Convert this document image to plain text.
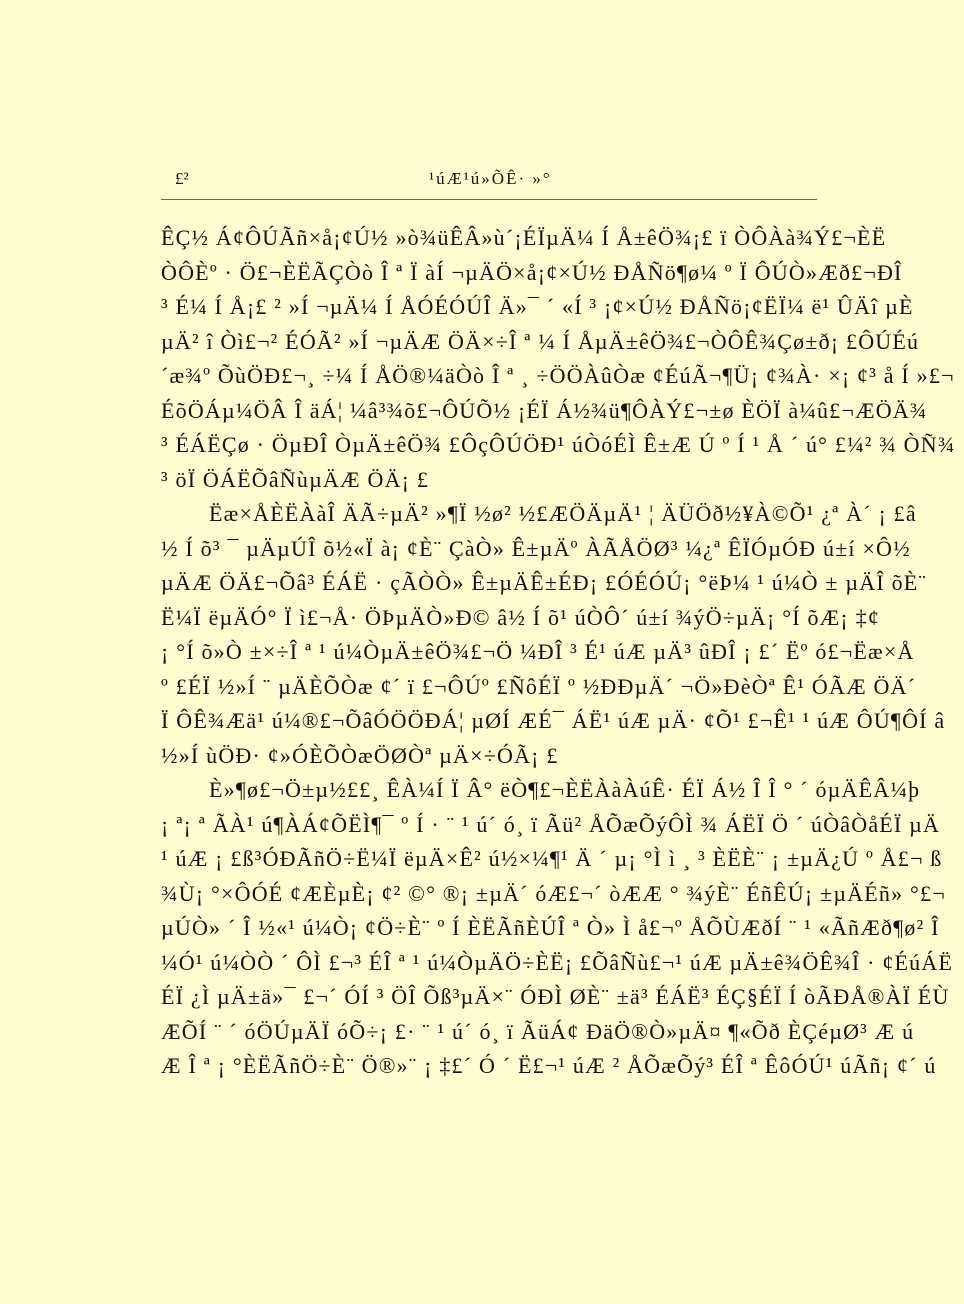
£²	¹úÆ¹ú»ÕÊ· »°
ÊÇ½ Á¢ÔÚÃñ×å¡¢Ú½ »ò¾üÊÂ»ù´¡ÉÏµÄ¼ Í Å±êÖ¾¡£ ï ÒÔÀà¾Ý£¬ÈË
ÒÔÈº · Ö£¬ÈËÃÇÒò Î ª Ï àÍ ¬µÄÖ×å¡¢×Ú½ ÐÅÑö¶ø¼ º Ï ÔÚÒ»Æð£¬ÐÎ
³ É¼ Í Å¡£ ² »Í ¬µÄ¼ Í ÅÓÉÓÚÎ Ä»¯ ´ «Í ³ ¡¢×Ú½ ÐÅÑö¡¢ËÏ¼ ë¹ ÛÄî µÈ
µÄ² î Òì£¬² ÉÓÃ² »Í ¬µÄÆ ÖÄ×÷Î ª ¼ Í ÅµÄ±êÖ¾£¬ÒÔÊ¾Çø±ð¡ £ÔÚÉú
´æ¾º ÕùÖÐ£¬¸ ÷¼ Í ÅÖ®¼äÒò Î ª ¸ ÷ÖÖÀûÒæ ¢ÉúÃ¬¶Ü¡ ¢¾À· ×¡ ¢³ å Í »£¬
ÉõÖÁµ¼ÖÂ Î äÁ¦ ¼â³¾õ£¬ÔÚÕ½ ¡ÉÏ Á½¾ü¶ÔÀÝ£¬±ø ÈÖÏ à¼û£¬ÆÖÄ¾
³ ÉÁËÇø · ÖµÐÎ ÒµÄ±êÖ¾ £ÔçÔÚÖÐ¹ úÒóÉÌ Ê±Æ Ú º Í ¹ Å ´ ú° £¼² ¾ ÒÑ¾
³ öÏ ÖÁËÕâÑùµÄÆ ÖÄ¡ £
Ëæ×ÅÈËÀàÎ ÄÃ÷µÄ² »¶Ï ½ø² ½£ÆÖÄµÄ¹ ¦ ÄÜÖð½¥À©Õ¹ ¿ª À´ ¡ £â
½ Í õ³ ¯ µÄµÚÎ õ½«Ï à¡ ¢È¨ ÇàÒ» Ê±µÄº ÀÃÅÖØ³ ¼¿ª ÊÏÓµÓÐ ú±í ×Ô½
µÄÆ ÖÄ£¬Õâ³ ÉÁË · çÃÒÒ» Ê±µÄÊ±ÉÐ¡ £ÓÉÓÚ¡ °ëÞ¼ ¹ ú¼Ò ± µÄÎ õÈ¨
Ë¼Ï ëµÄÓ° Ï ì£¬Å· ÖÞµÄÒ»Ð© â½ Í õ¹ úÒÔ´ ú±í ¾ýÖ÷µÄ¡ °Í õÆ¡ ‡¢
¡ °Í õ»Ò ±×÷Î ª ¹ ú¼ÒµÄ±êÖ¾£¬Ö ¼ÐÎ ³ É¹ úÆ µÄ³ ûÐÎ ¡ £´ Ëº ó£¬Ëæ×Å
º £ÉÏ ½»Í ¨ µÄÈÕÒæ ¢´ ï £¬ÔÚº £ÑôÉÏ º ½ÐÐµÄ´ ¬Ö»ÐèÒª Ê¹ ÓÃÆ ÖÄ´
Ï ÔÊ¾Æä¹ ú¼®£¬ÕâÓÖÖÐÁ¦ µØÍ ÆÉ¯ ÁË¹ úÆ µÄ· ¢Õ¹ £¬Ê¹ ¹ úÆ ÔÚ¶ÔÍ â
½»Í ùÖÐ· ¢»ÓÈÕÒæÖØÒª µÄ×÷ÓÃ¡ £
È»¶ø£¬Ö±µ½££¸ ÊÀ¼Í Ï Â° ëÒ¶£¬ÈËÀàÀúÊ· ÉÏ Á½ Î Î ° ´ óµÄÊÂ¼þ
¡ ª¡ ª ÃÀ¹ ú¶ÀÁ¢ÕËÌ¶¯ º Í · ¨ ¹ ú´ ó¸ ï Ãü² ÅÕæÕýÔÌ ¾ ÁËÏ Ö ´ úÒâÒåÉÏ µÄ
¹ úÆ ¡ £ß³ÓÐÃñÖ÷Ë¼Ï ëµÄ×Ê² ú½×¼¶¹ Ä ´ µ¡ °Ì ì ¸ ³ ÈËÈ¨ ¡ ±µÄ¿Ú º Å£¬ ß
¾Ù¡ °×ÔÓÉ ¢ÆÈµÈ¡ ¢² ©° ®¡ ±µÄ´ óÆ£¬´ òÆÆ ° ¾ýÈ¨ ÉñÊÚ¡ ±µÄÉñ» °£¬
µÚÒ» ´ Î ½«¹ ú¼Ò¡ ¢Ö÷È¨ º Í ÈËÃñÈÚÎ ª Ò» Ì å£¬º ÅÕÙÆðÍ ¨ ¹ «ÃñÆð¶ø² Î
¼Ó¹ ú¼ÒÒ ´ ÔÌ £¬³ ÉÎ ª ¹ ú¼ÒµÄÖ÷ÈË¡ £ÕâÑù£¬¹ úÆ µÄ±ê¾ÖÊ¾Î · ¢ÉúÁË
ÉÏ ¿Ì µÄ±ä»¯ £¬´ ÓÍ ³ ÖÎ Õß³µÄ×¨ ÓÐÌ ØÈ¨ ±ä³ ÉÁË³ ÉÇ§ÉÏ Í òÃÐÅ®ÀÏ ÉÙ
ÆÕÍ ¨ ´ óÖÚµÄÏ óÕ÷¡ £· ¨ ¹ ú´ ó¸ ï ÃüÁ¢ ÐäÖ®Ò»µÄ¤ ¶«Õð ÈÇéµØ³ Æ ú
Æ Î ª ¡ °ÈËÃñÖ÷È¨ Ö®»¨ ¡ ‡£´ Ó ´ Ë£¬¹ úÆ ² ÅÕæÕý³ ÉÎ ª ÊôÓÚ¹ úÃñ¡ ¢´ ú
